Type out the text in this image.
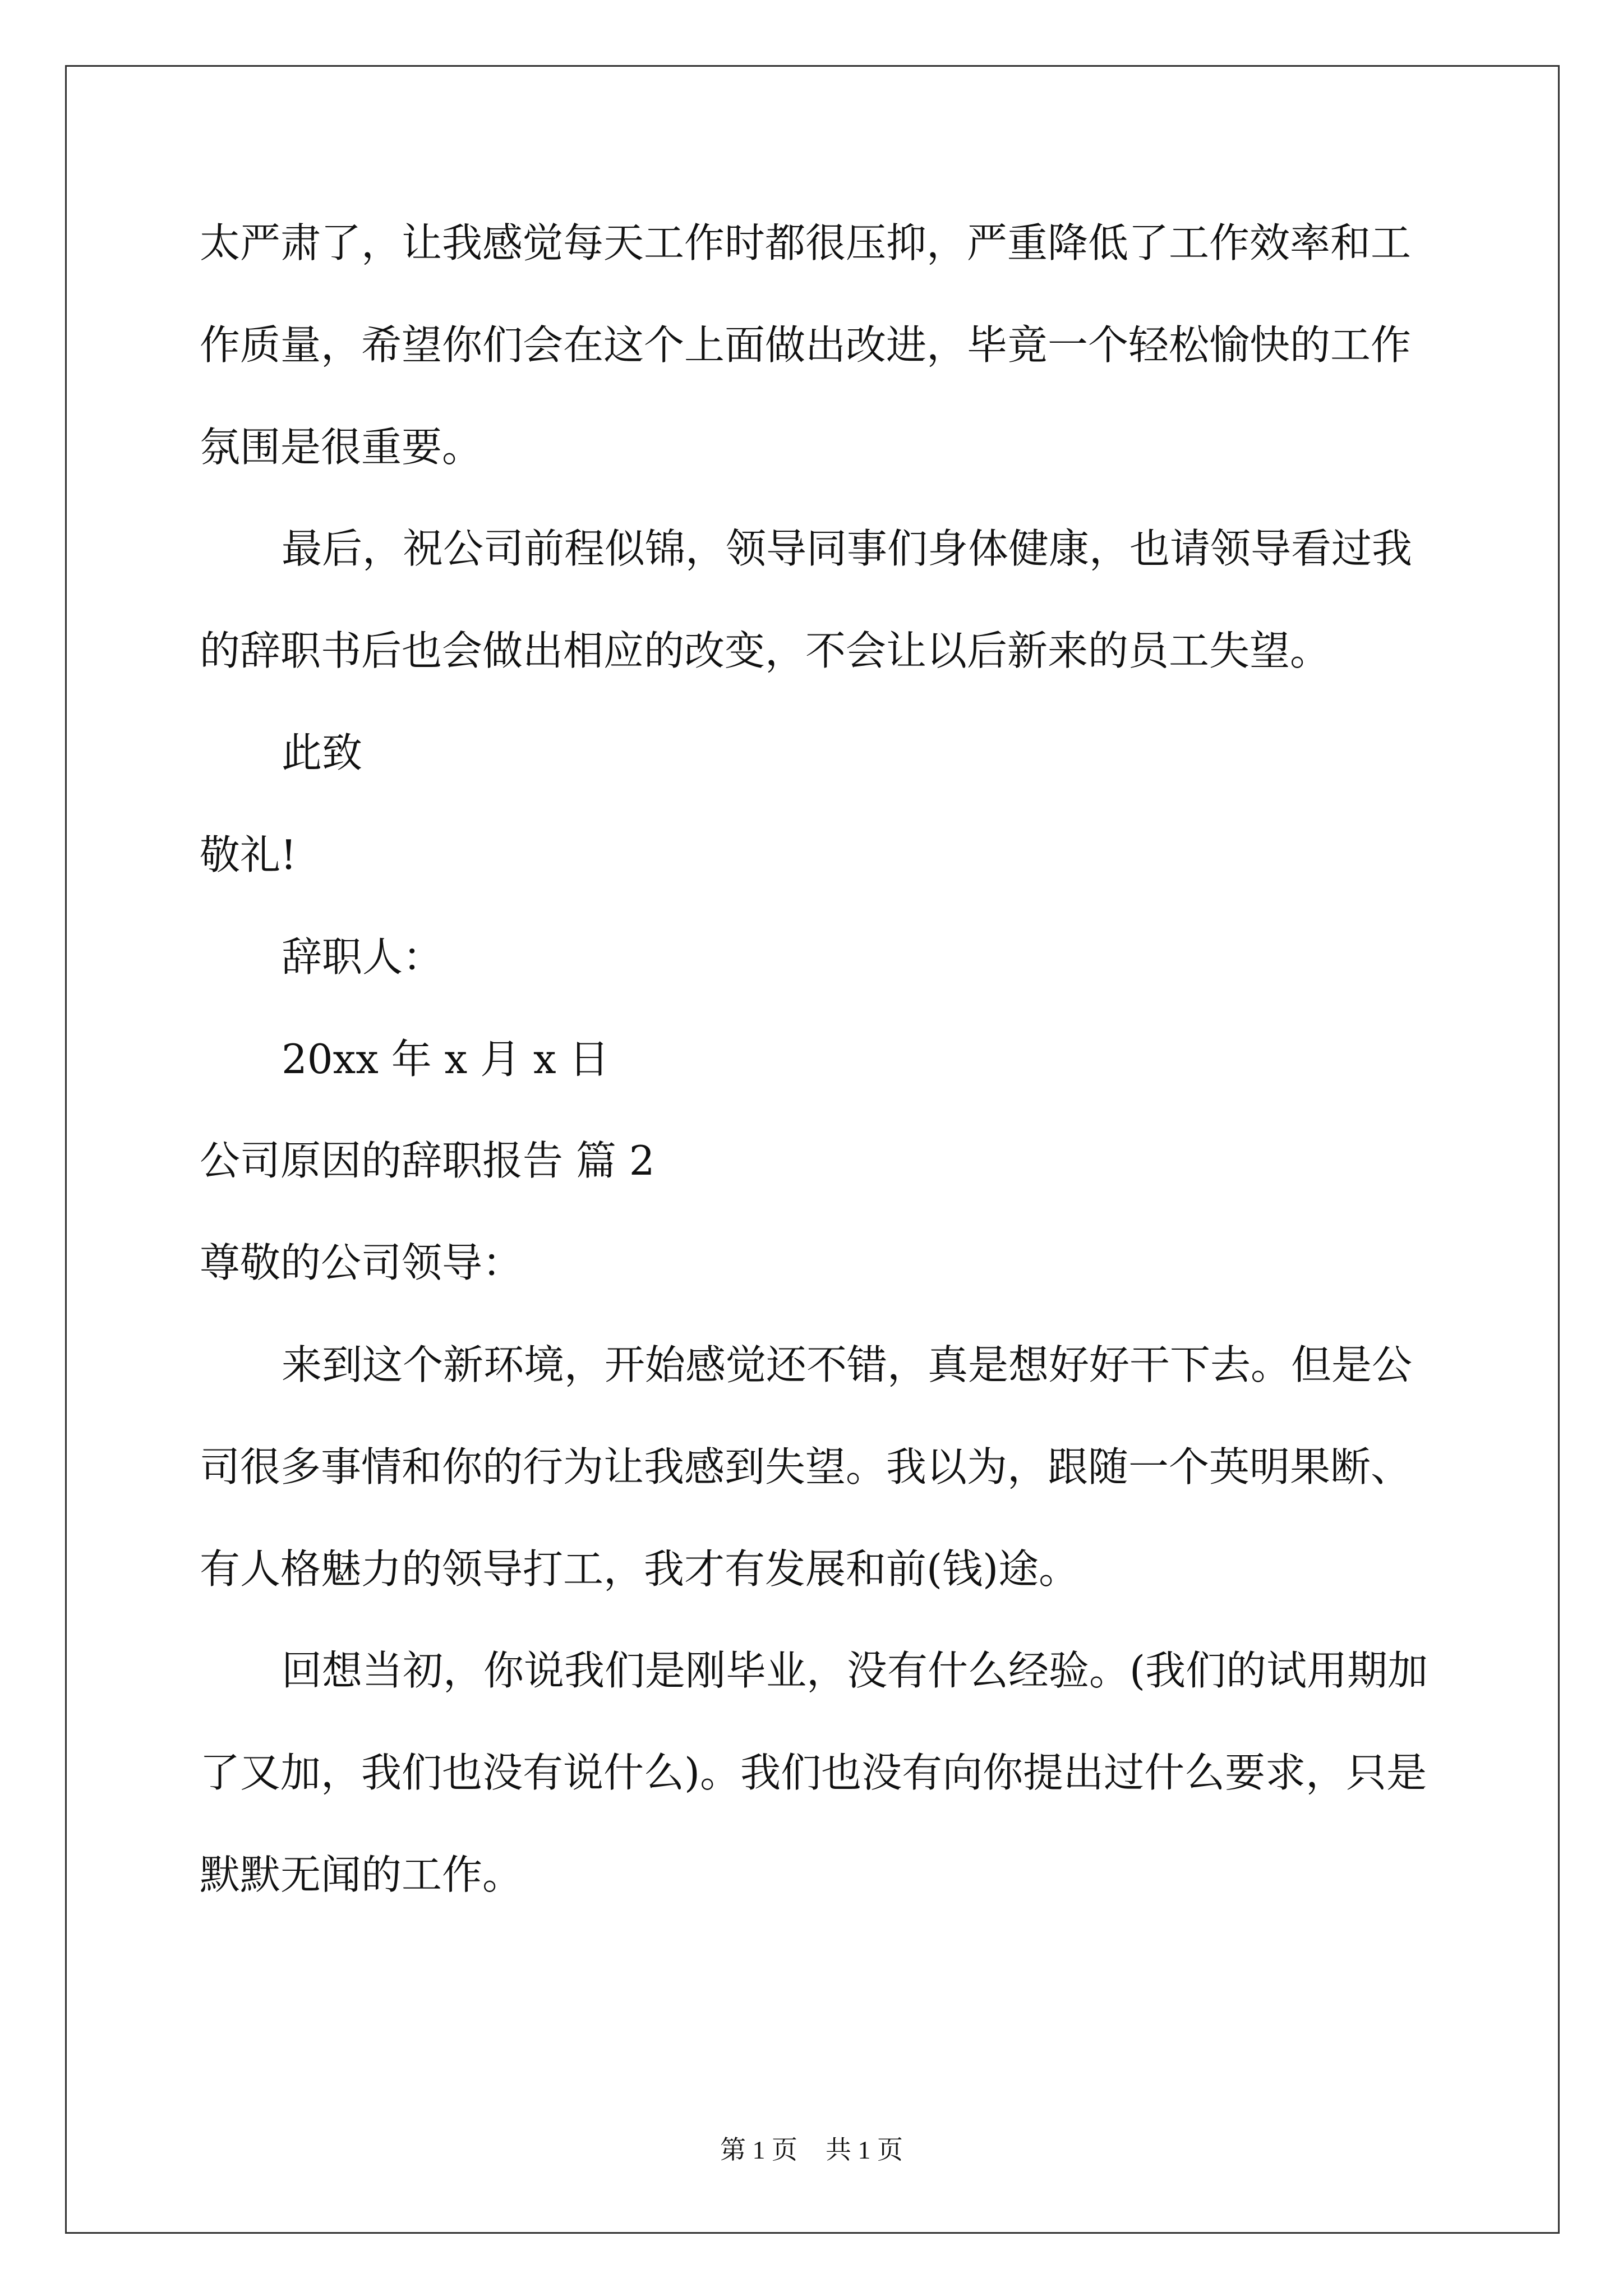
太严肃了，让我感觉每天工作时都很压抑，严重降低了工作效率和工

作质量，希望你们会在这个上面做出改进，毕竟一个轻松愉快的工作

氛围是很重要。

最后，祝公司前程似锦，领导同事们身体健康，也请领导看过我

的辞职书后也会做出相应的改变，不会让以后新来的员工失望。

此致

敬礼!

辞职人：

20xx 年 x 月 x 日

公司原因的辞职报告 篇 2

尊敬的公司领导：

来到这个新环境，开始感觉还不错，真是想好好干下去。但是公

司很多事情和你的行为让我感到失望。我以为，跟随一个英明果断、

有人格魅力的领导打工，我才有发展和前(钱)途。

回想当初，你说我们是刚毕业，没有什么经验。(我们的试用期加

了又加，我们也没有说什么)。我们也没有向你提出过什么要求，只是

默默无闻的工作。

第 1 页 共 1 页
